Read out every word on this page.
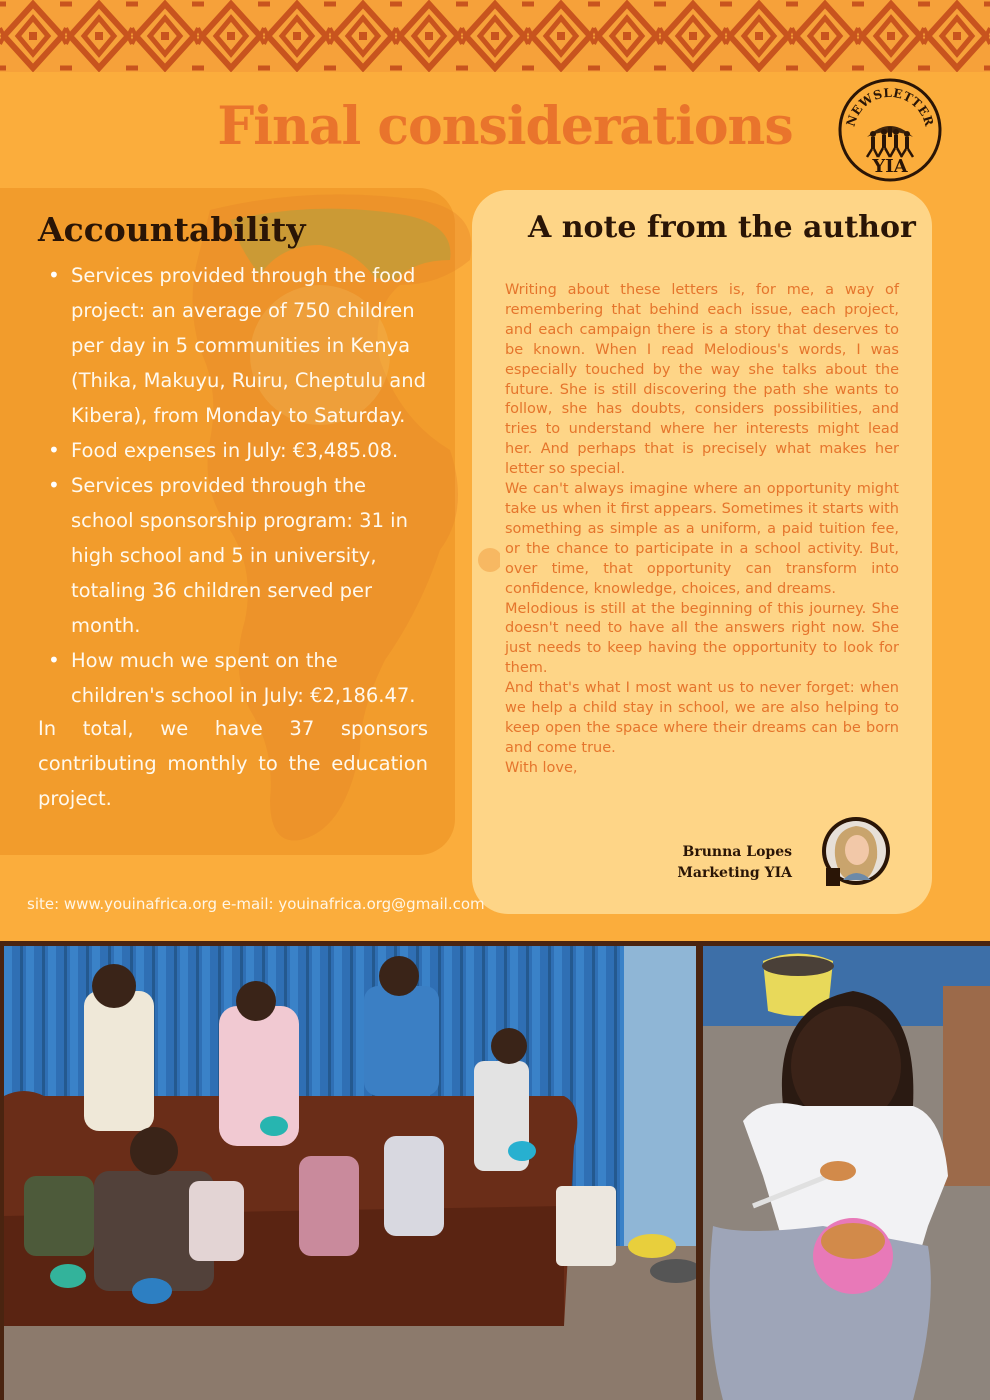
Final considerations	NEWSLETTER
YIA
Accountability
• Services provided through the food project: an average of 750 children per day in 5 communities in Kenya (Thika, Makuyu, Ruiru, Cheptulu and Kibera), from Monday to Saturday.
• Food expenses in July: €3,485.08.
• Services provided through the school sponsorship program: 31 in high school and 5 in university, totaling 36 children served per month.
• How much we spent on the children's school in July: €2,186.47.

In total, we have 37 sponsors contributing monthly to the education project.

A note from the author

Writing about these letters is, for me, a way of remembering that behind each issue, each project, and each campaign there is a story that deserves to be known. When I read Melodious's words, I was especially touched by the way she talks about the future. She is still discovering the path she wants to follow, she has doubts, considers possibilities, and tries to understand where her interests might lead her. And perhaps that is precisely what makes her letter so special.

We can't always imagine where an opportunity might take us when it first appears. Sometimes it starts with something as simple as a uniform, a paid tuition fee, or the chance to participate in a school activity. But, over time, that opportunity can transform into confidence, knowledge, choices, and dreams.

Melodious is still at the beginning of this journey. She doesn't need to have all the answers right now. She just needs to keep having the opportunity to look for them.

And that's what I most want us to never forget: when we help a child stay in school, we are also helping to keep open the space where their dreams can be born and come true.

With love,

Brunna Lopes
Marketing YIA
site: www.youinafrica.org e-mail: youinafrica.org@gmail.com
